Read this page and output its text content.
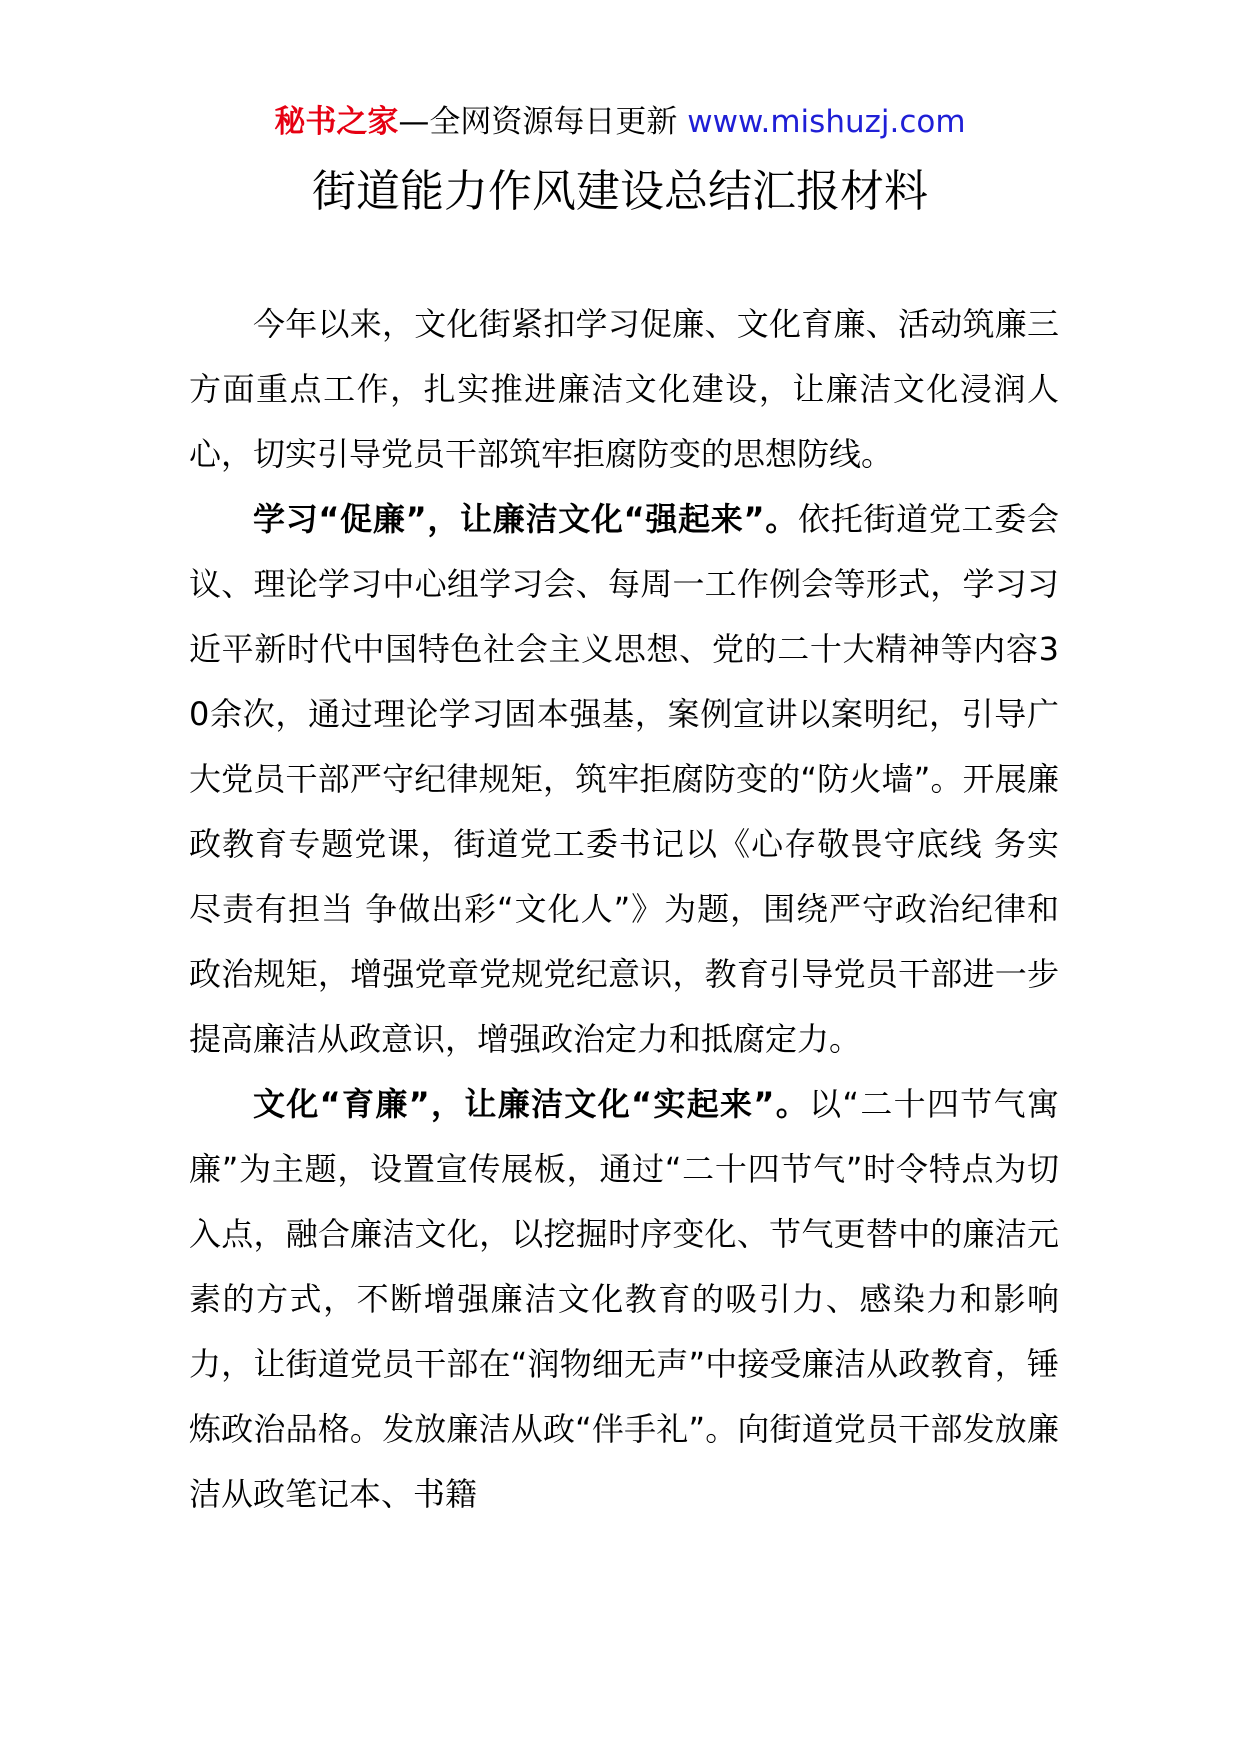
秘书之家—全网资源每日更新 www.mishuzj.com
街道能力作风建设总结汇报材料

今年以来，文化街紧扣学习促廉、文化育廉、活动筑廉三方面重点工作，扎实推进廉洁文化建设，让廉洁文化浸润人心，切实引导党员干部筑牢拒腐防变的思想防线。

学习“促廉”，让廉洁文化“强起来”。依托街道党工委会议、理论学习中心组学习会、每周一工作例会等形式，学习习近平新时代中国特色社会主义思想、党的二十大精神等内容30余次，通过理论学习固本强基，案例宣讲以案明纪，引导广大党员干部严守纪律规矩，筑牢拒腐防变的“防火墙”。开展廉政教育专题党课，街道党工委书记以《心存敬畏守底线 务实尽责有担当 争做出彩“文化人”》为题，围绕严守政治纪律和政治规矩，增强党章党规党纪意识，教育引导党员干部进一步提高廉洁从政意识，增强政治定力和抵腐定力。

文化“育廉”，让廉洁文化“实起来”。以“二十四节气寓廉”为主题，设置宣传展板，通过“二十四节气”时令特点为切入点，融合廉洁文化，以挖掘时序变化、节气更替中的廉洁元素的方式，不断增强廉洁文化教育的吸引力、感染力和影响力，让街道党员干部在“润物细无声”中接受廉洁从政教育，锤炼政治品格。发放廉洁从政“伴手礼”。向街道党员干部发放廉洁从政笔记本、书籍
